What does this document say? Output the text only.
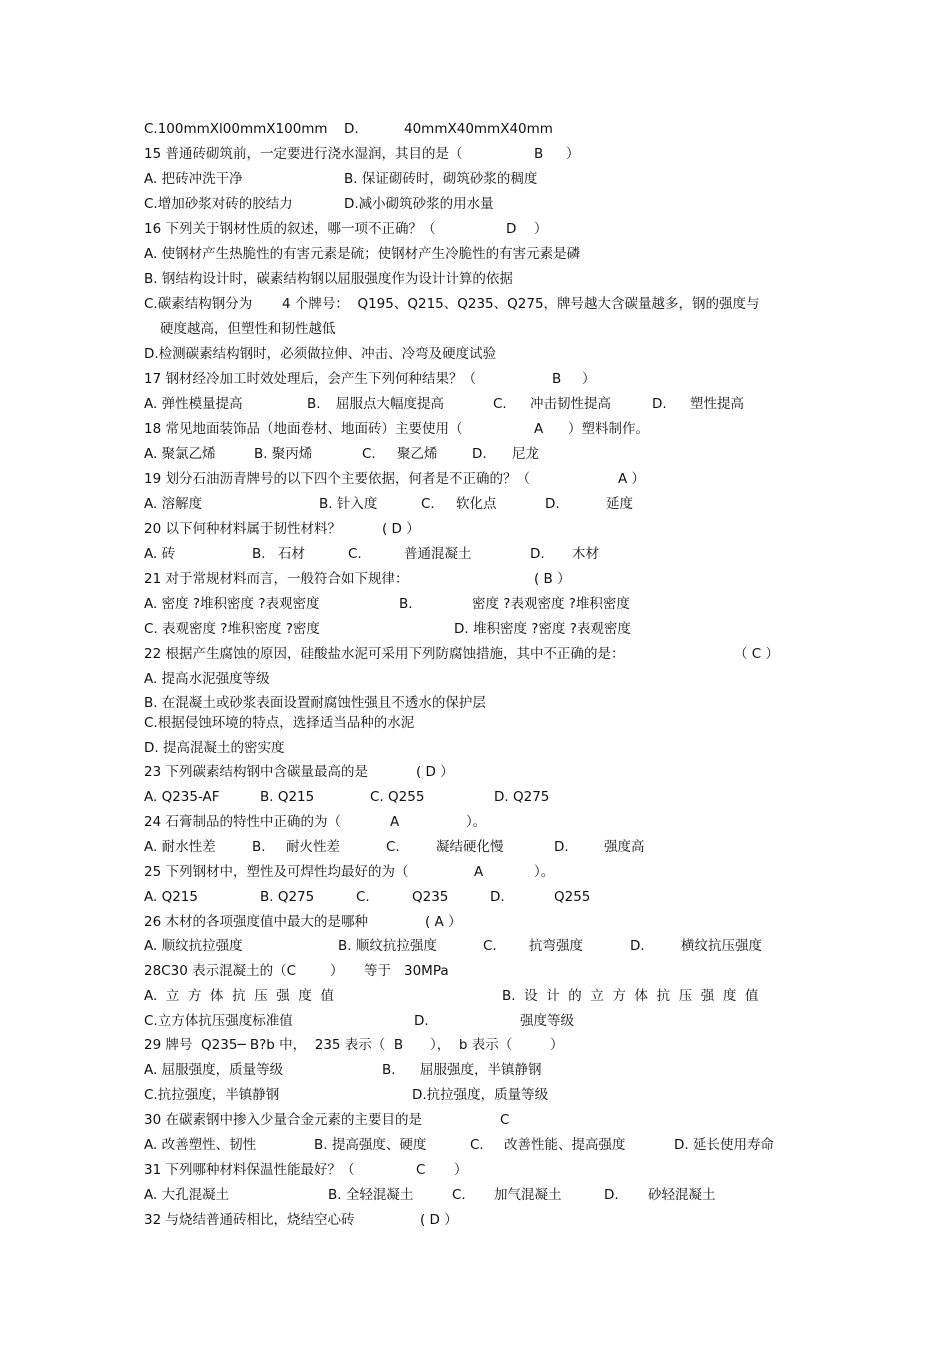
C.100mmXl00mmX100mm D.	40mmX40mmX40mm
15 普通砖砌筑前，一定要进行浇水湿润，其目的是（	B ）
A. 把砖冲洗干净	B. 保证砌砖时，砌筑砂浆的稠度
C.增加砂浆对砖的胶结力	D.减小砌筑砂浆的用水量
16 下列关于钢材性质的叙述，哪一项不正确？（	D ）
A. 使钢材产生热脆性的有害元素是硫；使钢材产生冷脆性的有害元素是磷
B. 钢结构设计时，碳素结构钢以屈服强度作为设计计算的依据
C.碳素结构钢分为 4 个牌号：  Q195、Q215、Q235、Q275，牌号越大含碳量越多，钢的强度与
硬度越高，但塑性和韧性越低
D.检测碳素结构钢时，必须做拉伸、冲击、冷弯及硬度试验
17 钢材经冷加工时效处理后，会产生下列何种结果？（	B ）
A. 弹性模量提高	B. 屈服点大幅度提高	C. 冲击韧性提高	D. 塑性提高
18 常见地面装饰品（地面卷材、地面砖）主要使用（	A ）塑料制作。
A. 聚氯乙烯	B. 聚丙烯	C. 聚乙烯	D. 尼龙
19 划分石油沥青牌号的以下四个主要依据，何者是不正确的？（	A ）
A. 溶解度	B. 针入度	C. 软化点	D.	延度
20 以下何种材料属于韧性材料？	( D ）
A. 砖	B. 石材	C.	普通混凝土	D. 木材
21 对于常规材料而言，一般符合如下规律：	( B ）
A. 密度 ?堆积密度 ?表观密度	B.	密度 ?表观密度 ?堆积密度
C. 表观密度 ?堆积密度 ?密度	D. 堆积密度 ?密度 ?表观密度
22 根据产生腐蚀的原因，硅酸盐水泥可采用下列防腐蚀措施，其中不正确的是：	（ C ）
A. 提高水泥强度等级
B. 在混凝土或砂浆表面设置耐腐蚀性强且不透水的保护层
C.根据侵蚀环境的特点，选择适当品种的水泥
D. 提高混凝土的密实度
23 下列碳素结构钢中含碳量最高的是	( D ）
A. Q235-AF	B. Q215	C. Q255	D. Q275
24 石膏制品的特性中正确的为（	A	）。
A. 耐水性差	B. 耐火性差	C.	凝结硬化慢	D.	强度高
25 下列钢材中，塑性及可焊性均最好的为（	A	）。
A. Q215	B. Q275	C.	Q235	D.	Q255
26 木材的各项强度值中最大的是哪种	( A ）
A. 顺纹抗拉强度	B. 顺纹抗拉强度	C. 抗弯强度	D.	横纹抗压强度
28C30 表示混凝土的（C	） 等于 30MPa
A.  立  方  体  抗  压  强  度  值	B.  设  计  的  立  方  体  抗  压  强  度  值
C.立方体抗压强度标准值	D.	强度等级
29 牌号  Q235─ B?b 中，  235 表示（  B ），  b 表示（	）
A. 屈服强度，质量等级	B. 屈服强度，半镇静钢
C.抗拉强度，半镇静钢	D.抗拉强度，质量等级
30 在碳素钢中掺入少量合金元素的主要目的是	C
A. 改善塑性、韧性	B. 提高强度、硬度	C. 改善性能、提高强度	D. 延长使用寿命
31 下列哪种材料保温性能最好？（	C ）
A. 大孔混凝土	B. 全轻混凝土	C. 加气混凝土	D. 砂轻混凝土
32 与烧结普通砖相比，烧结空心砖	( D ）
